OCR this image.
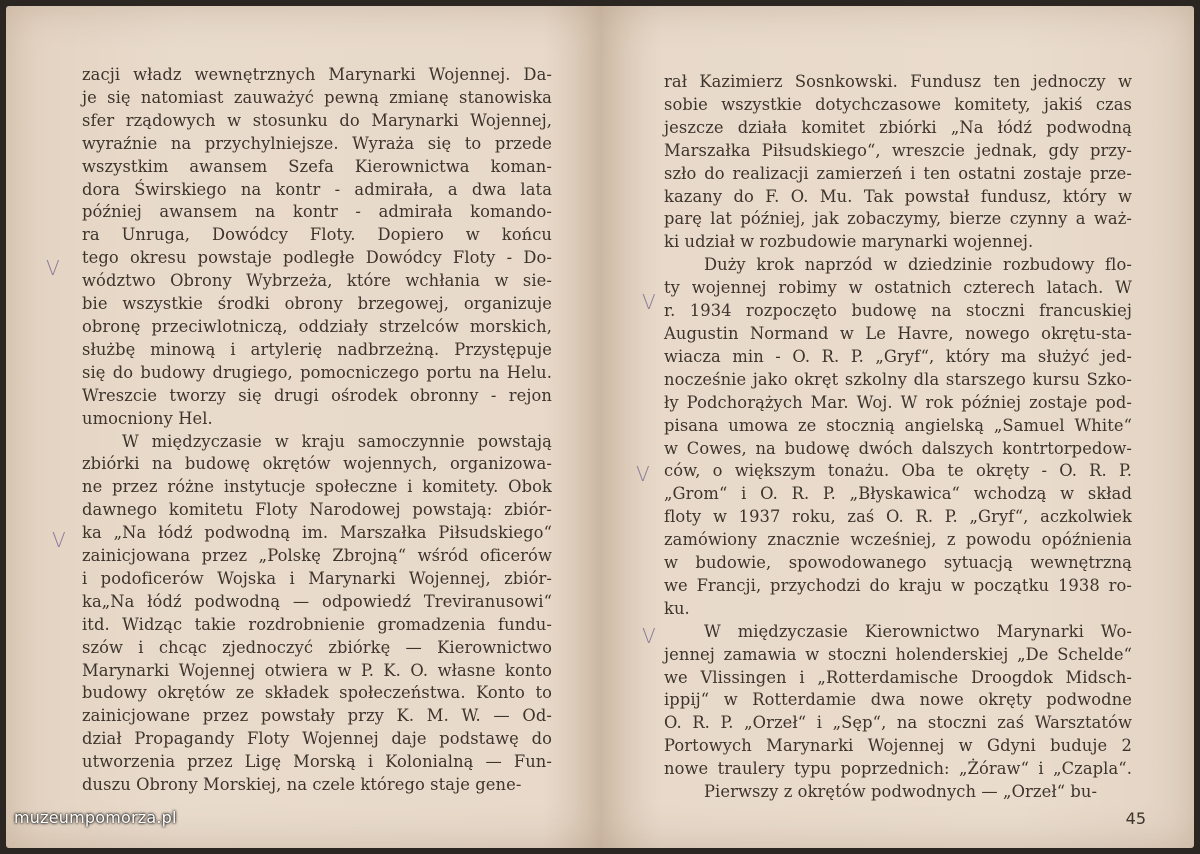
zacji władz wewnętrznych Marynarki Wojennej. Da-
je się natomiast zauważyć pewną zmianę stanowiska
sfer rządowych w stosunku do Marynarki Wojennej,
wyraźnie na przychylniejsze. Wyraża się to przede
wszystkim awansem Szefa Kierownictwa koman-
dora Świrskiego na kontr - admirała, a dwa lata
później awansem na kontr - admirała komando-
ra Unruga, Dowódcy Floty. Dopiero w końcu
tego okresu powstaje podległe Dowódcy Floty - Do-
wództwo Obrony Wybrzeża, które wchłania w sie-
bie wszystkie środki obrony brzegowej, organizuje
obronę przeciwlotniczą, oddziały strzelców morskich,
służbę minową i artylerię nadbrzeżną. Przystępuje
się do budowy drugiego, pomocniczego portu na Helu.
Wreszcie tworzy się drugi ośrodek obronny - rejon
umocniony Hel.
W międzyczasie w kraju samoczynnie powstają
zbiórki na budowę okrętów wojennych, organizowa-
ne przez różne instytucje społeczne i komitety. Obok
dawnego komitetu Floty Narodowej powstają: zbiór-
ka „Na łódź podwodną im. Marszałka Piłsudskiego“
zainicjowana przez „Polskę Zbrojną“ wśród oficerów
i podoficerów Wojska i Marynarki Wojennej, zbiór-
ka„Na łódź podwodną — odpowiedź Treviranusowi“
itd. Widząc takie rozdrobnienie gromadzenia fundu-
szów i chcąc zjednoczyć zbiórkę — Kierownictwo
Marynarki Wojennej otwiera w P. K. O. własne konto
budowy okrętów ze składek społeczeństwa. Konto to
zainicjowane przez powstały przy K. M. W. — Od-
dział Propagandy Floty Wojennej daje podstawę do
utworzenia przez Ligę Morską i Kolonialną — Fun-
duszu Obrony Morskiej, na czele którego staje gene-
V
V
rał Kazimierz Sosnkowski. Fundusz ten jednoczy w
sobie wszystkie dotychczasowe komitety, jakiś czas
jeszcze działa komitet zbiórki „Na łódź podwodną
Marszałka Piłsudskiego“, wreszcie jednak, gdy przy-
szło do realizacji zamierzeń i ten ostatni zostaje prze-
kazany do F. O. Mu. Tak powstał fundusz, który w
parę lat później, jak zobaczymy, bierze czynny a waż-
ki udział w rozbudowie marynarki wojennej.
Duży krok naprzód w dziedzinie rozbudowy flo-
ty wojennej robimy w ostatnich czterech latach. W
r. 1934 rozpoczęto budowę na stoczni francuskiej
Augustin Normand w Le Havre, nowego okrętu-sta-
wiacza min - O. R. P. „Gryf“, który ma służyć jed-
nocześnie jako okręt szkolny dla starszego kursu Szko-
ły Podchorążych Mar. Woj. W rok później zostaje pod-
pisana umowa ze stocznią angielską „Samuel White“
w Cowes, na budowę dwóch dalszych kontrtorpedow-
ców, o większym tonażu. Oba te okręty - O. R. P.
„Grom“ i O. R. P. „Błyskawica“ wchodzą w skład
floty w 1937 roku, zaś O. R. P. „Gryf“, aczkolwiek
zamówiony znacznie wcześniej, z powodu opóźnienia
w budowie, spowodowanego sytuacją wewnętrzną
we Francji, przychodzi do kraju w początku 1938 ro-
ku.
W międzyczasie Kierownictwo Marynarki Wo-
jennej zamawia w stoczni holenderskiej „De Schelde“
we Vlissingen i „Rotterdamische Droogdok Midsch-
ippij“ w Rotterdamie dwa nowe okręty podwodne
O. R. P. „Orzeł“ i „Sęp“, na stoczni zaś Warsztatów
Portowych Marynarki Wojennej w Gdyni buduje 2
nowe traulery typu poprzednich: „Żóraw“ i „Czapla“.
Pierwszy z okrętów podwodnych — „Orzeł“ bu-
V
V
V
45
muzeumpomorza.pl
